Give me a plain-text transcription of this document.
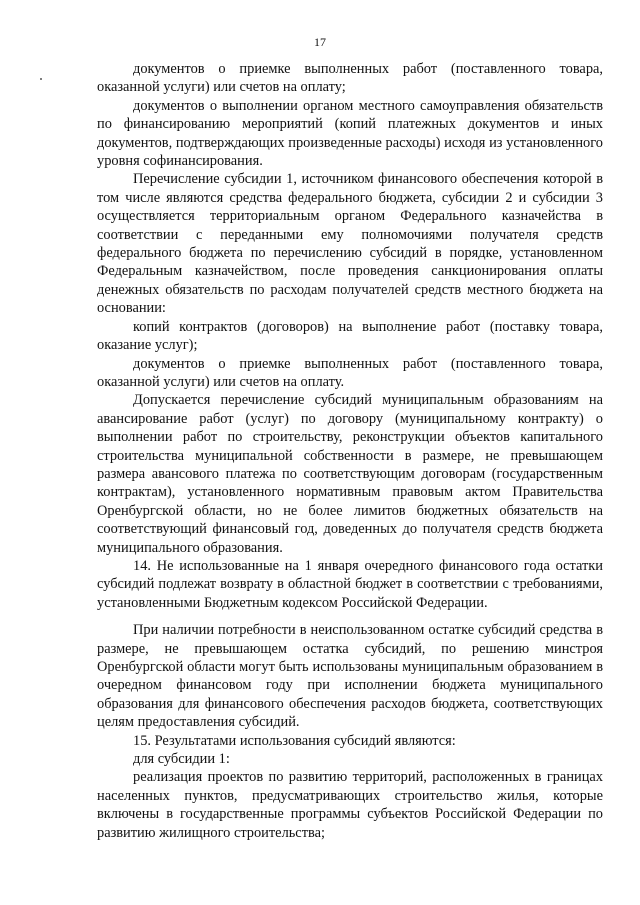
17

документов о приемке выполненных работ (поставленного товара, оказанной услуги) или счетов на оплату;

документов о выполнении органом местного самоуправления обязательств по финансированию мероприятий (копий платежных документов и иных документов, подтверждающих произведенные расходы) исходя из установленного уровня софинансирования.

Перечисление субсидии 1, источником финансового обеспечения которой в том числе являются средства федерального бюджета, субсидии 2 и субсидии 3 осуществляется территориальным органом Федерального казначейства в соответствии с переданными ему полномочиями получателя средств федерального бюджета по перечислению субсидий в порядке, установленном Федеральным казначейством, после проведения санкционирования оплаты денежных обязательств по расходам получателей средств местного бюджета на основании:

копий контрактов (договоров) на выполнение работ (поставку товара, оказание услуг);

документов о приемке выполненных работ (поставленного товара, оказанной услуги) или счетов на оплату.

Допускается перечисление субсидий муниципальным образованиям на авансирование работ (услуг) по договору (муниципальному контракту) о выполнении работ по строительству, реконструкции объектов капитального строительства муниципальной собственности в размере, не превышающем размера авансового платежа по соответствующим договорам (государственным контрактам), установленного нормативным правовым актом Правительства Оренбургской области, но не более лимитов бюджетных обязательств на соответствующий финансовый год, доведенных до получателя средств бюджета муниципального образования.

14. Не использованные на 1 января очередного финансового года остатки субсидий подлежат возврату в областной бюджет в соответствии с требованиями, установленными Бюджетным кодексом Российской Федерации.

При наличии потребности в неиспользованном остатке субсидий средства в размере, не превышающем остатка субсидий, по решению минстроя Оренбургской области могут быть использованы муниципальным образованием в очередном финансовом году при исполнении бюджета муниципального образования для финансового обеспечения расходов бюджета, соответствующих целям предоставления субсидий.

15. Результатами использования субсидий являются:

для субсидии 1:

реализация проектов по развитию территорий, расположенных в границах населенных пунктов, предусматривающих строительство жилья, которые включены в государственные программы субъектов Российской Федерации по развитию жилищного строительства;
